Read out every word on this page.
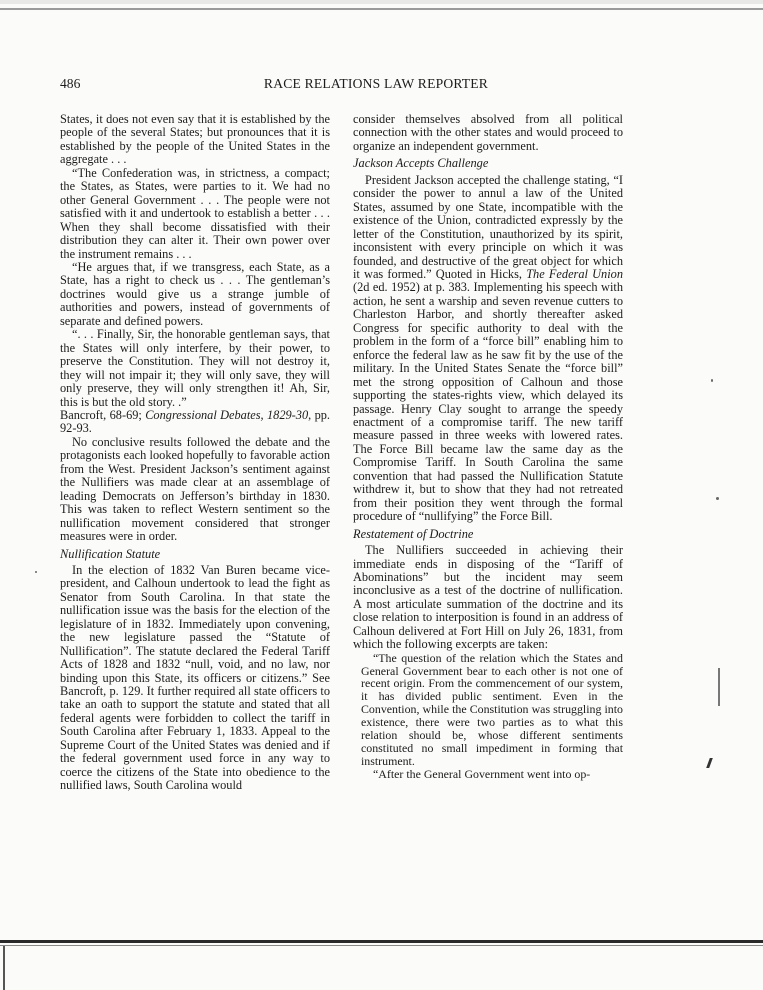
486	RACE RELATIONS LAW REPORTER

States, it does not even say that it is established by the people of the several States; but pronounces that it is established by the people of the United States in the aggregate . . .

“The Confederation was, in strictness, a compact; the States, as States, were parties to it. We had no other General Government . . . The people were not satisfied with it and undertook to establish a better . . . When they shall become dissatisfied with their distribution they can alter it. Their own power over the instrument remains . . .

“He argues that, if we transgress, each State, as a State, has a right to check us . . . The gentleman’s doctrines would give us a strange jumble of authorities and powers, instead of governments of separate and defined powers.

“. . . Finally, Sir, the honorable gentleman says, that the States will only interfere, by their power, to preserve the Constitution. They will not destroy it, they will not impair it; they will only save, they will only preserve, they will only strengthen it! Ah, Sir, this is but the old story. .”

Bancroft, 68-69; Congressional Debates, 1829-30, pp. 92-93.

No conclusive results followed the debate and the protagonists each looked hopefully to favorable action from the West. President Jackson’s sentiment against the Nullifiers was made clear at an assemblage of leading Democrats on Jefferson’s birthday in 1830. This was taken to reflect Western sentiment so the nullification movement considered that stronger measures were in order.

Nullification Statute

In the election of 1832 Van Buren became vice-president, and Calhoun undertook to lead the fight as Senator from South Carolina. In that state the nullification issue was the basis for the election of the legislature of in 1832. Immediately upon convening, the new legislature passed the “Statute of Nullification”. The statute declared the Federal Tariff Acts of 1828 and 1832 “null, void, and no law, nor binding upon this State, its officers or citizens.” See Bancroft, p. 129. It further required all state officers to take an oath to support the statute and stated that all federal agents were forbidden to collect the tariff in South Carolina after February 1, 1833. Appeal to the Supreme Court of the United States was denied and if the federal government used force in any way to coerce the citizens of the State into obedience to the nullified laws, South Carolina would

consider themselves absolved from all political connection with the other states and would proceed to organize an independent government.

Jackson Accepts Challenge

President Jackson accepted the challenge stating, “I consider the power to annul a law of the United States, assumed by one State, incompatible with the existence of the Union, contradicted expressly by the letter of the Constitution, unauthorized by its spirit, inconsistent with every principle on which it was founded, and destructive of the great object for which it was formed.” Quoted in Hicks, The Federal Union (2d ed. 1952) at p. 383. Implementing his speech with action, he sent a warship and seven revenue cutters to Charleston Harbor, and shortly thereafter asked Congress for specific authority to deal with the problem in the form of a “force bill” enabling him to enforce the federal law as he saw fit by the use of the military. In the United States Senate the “force bill” met the strong opposition of Calhoun and those supporting the states-rights view, which delayed its passage. Henry Clay sought to arrange the speedy enactment of a compromise tariff. The new tariff measure passed in three weeks with lowered rates. The Force Bill became law the same day as the Compromise Tariff. In South Carolina the same convention that had passed the Nullification Statute withdrew it, but to show that they had not retreated from their position they went through the formal procedure of “nullifying” the Force Bill.

Restatement of Doctrine

The Nullifiers succeeded in achieving their immediate ends in disposing of the “Tariff of Abominations” but the incident may seem inconclusive as a test of the doctrine of nullification. A most articulate summation of the doctrine and its close relation to interposition is found in an address of Calhoun delivered at Fort Hill on July 26, 1831, from which the following excerpts are taken:

“The question of the relation which the States and General Government bear to each other is not one of recent origin. From the commencement of our system, it has divided public sentiment. Even in the Convention, while the Constitution was struggling into existence, there were two parties as to what this relation should be, whose different sentiments constituted no small impediment in forming that instrument.

“After the General Government went into op-
